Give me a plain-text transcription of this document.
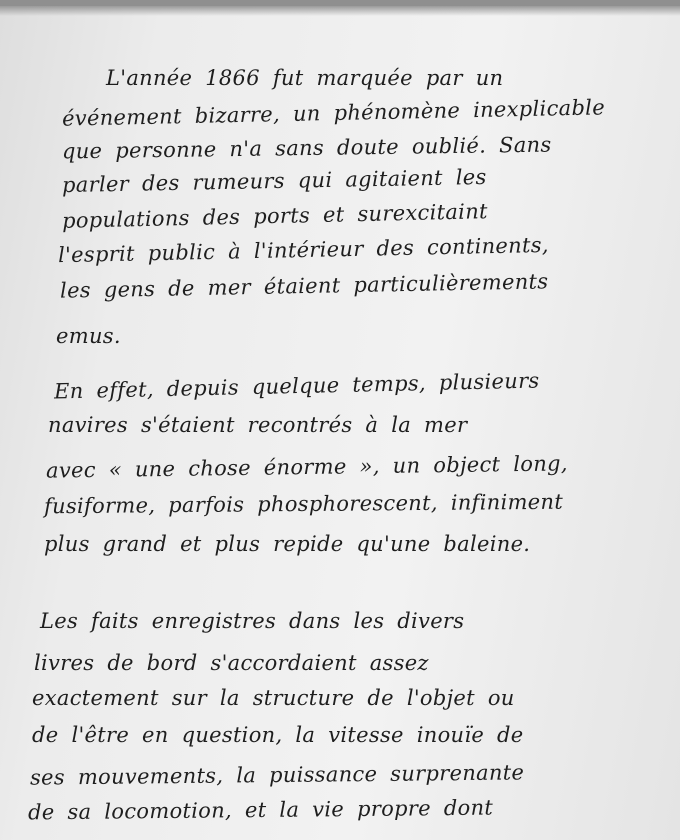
L'année 1866 fut marquée par un
événement bizarre, un phénomène inexplicable
que personne n'a sans doute oublié. Sans
parler des rumeurs qui agitaient les
populations des ports et surexcitaint
l'esprit public à l'intérieur des continents,
les gens de mer étaient particulièrements
emus.
En effet, depuis quelque temps, plusieurs
navires s'étaient recontrés à la mer
avec « une chose énorme », un object long,
fusiforme, parfois phosphorescent, infiniment
plus grand et plus repide qu'une baleine.
Les faits enregistres dans les divers
livres de bord s'accordaient assez
exactement sur la structure de l'objet ou
de l'être en question, la vitesse inouïe de
ses mouvements, la puissance surprenante
de sa locomotion, et la vie propre dont
